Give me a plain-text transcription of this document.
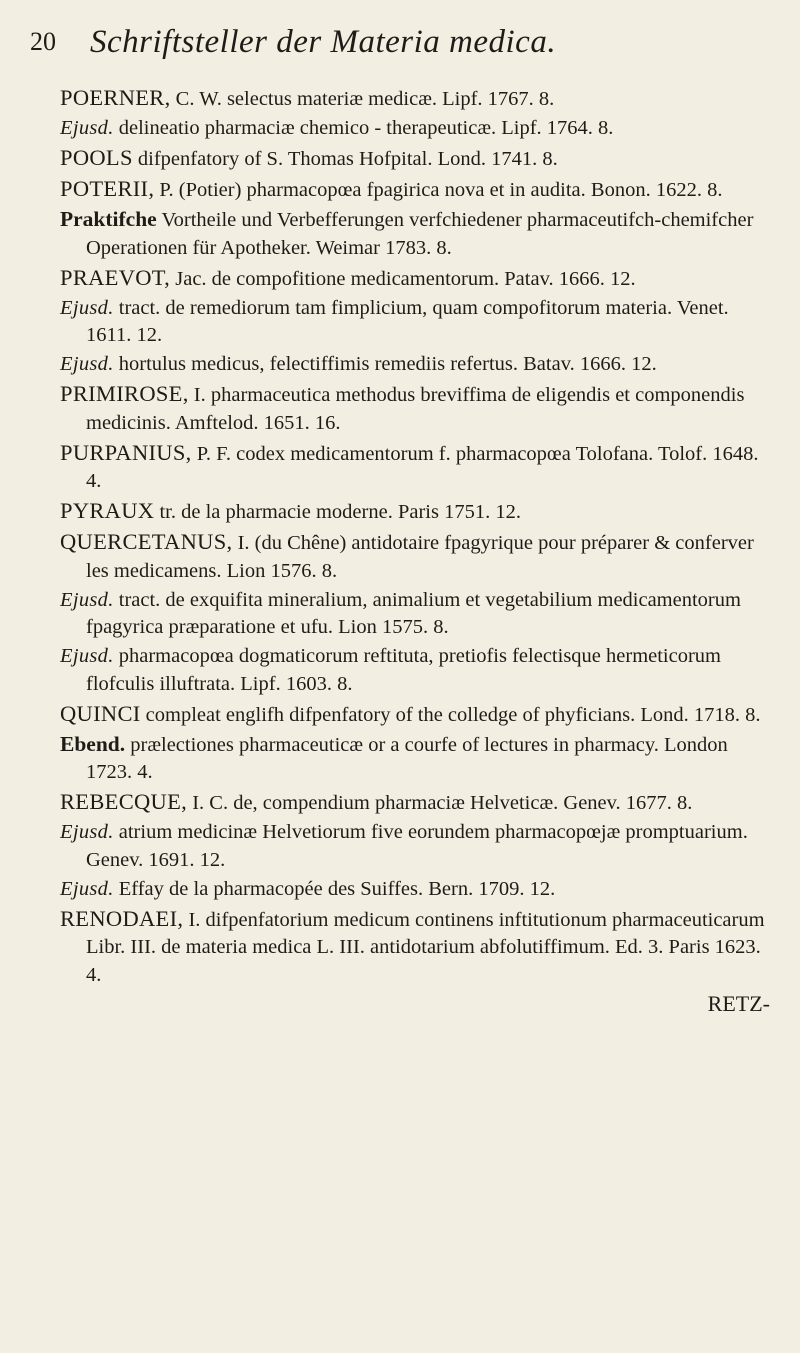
20	Schriftsteller der Materia medica.

POERNER, C. W. selectus materiæ medicæ. Lipf. 1767. 8.

Ejusd. delineatio pharmaciæ chemico - therapeuticæ. Lipf. 1764. 8.

POOLS difpenfatory of S. Thomas Hofpital. Lond. 1741. 8.

POTERII, P. (Potier) pharmacopœa fpagirica nova et in audita. Bonon. 1622. 8.

Praktifche Vortheile und Verbefferungen verfchiedener pharmaceutifch-chemifcher Operationen für Apotheker. Weimar 1783. 8.

PRAEVOT, Jac. de compofitione medicamentorum. Patav. 1666. 12.

Ejusd. tract. de remediorum tam fimplicium, quam compofitorum materia. Venet. 1611. 12.

Ejusd. hortulus medicus, felectiffimis remediis refertus. Batav. 1666. 12.

PRIMIROSE, I. pharmaceutica methodus breviffima de eligendis et componendis medicinis. Amftelod. 1651. 16.

PURPANIUS, P. F. codex medicamentorum f. pharmacopœa Tolofana. Tolof. 1648. 4.

PYRAUX tr. de la pharmacie moderne. Paris 1751. 12.

QUERCETANUS, I. (du Chêne) antidotaire fpagyrique pour préparer & conferver les medicamens. Lion 1576. 8.

Ejusd. tract. de exquifita mineralium, animalium et vegetabilium medicamentorum fpagyrica præparatione et ufu. Lion 1575. 8.

Ejusd. pharmacopœa dogmaticorum reftituta, pretiofis felectisque hermeticorum flofculis illuftrata. Lipf. 1603. 8.

QUINCI compleat englifh difpenfatory of the colledge of phyficians. Lond. 1718. 8.

Ebend. prælectiones pharmaceuticæ or a courfe of lectures in pharmacy. London 1723. 4.

REBECQUE, I. C. de, compendium pharmaciæ Helveticæ. Genev. 1677. 8.

Ejusd. atrium medicinæ Helvetiorum five eorundem pharmacopœjæ promptuarium. Genev. 1691. 12.

Ejusd. Effay de la pharmacopée des Suiffes. Bern. 1709. 12.

RENODAEI, I. difpenfatorium medicum continens inftitutionum pharmaceuticarum Libr. III. de materia medica L. III. antidotarium abfolutiffimum. Ed. 3. Paris 1623. 4.

RETZ-
